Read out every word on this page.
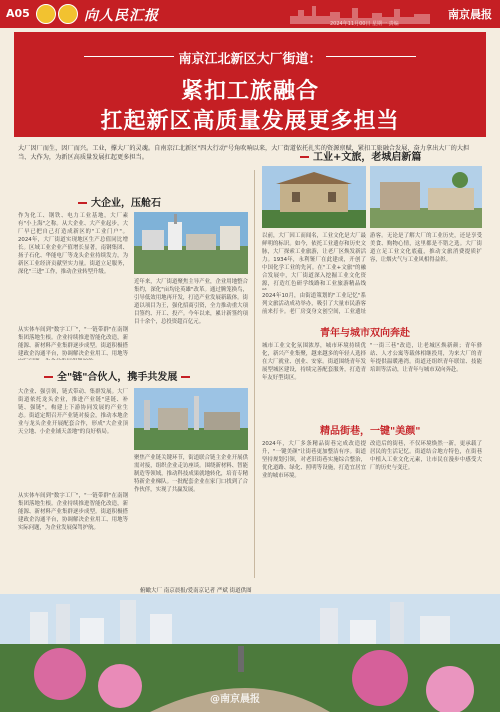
A05	向人民汇报	2024年11月00日 星期一 责编
南京晨报
南京江北新区大厂街道：
紧扣工旅融合
扛起新区高质量发展更多担当
大厂因厂而生，因厂而兴。工业，撑大厂的灵魂。自南京江北新区"四大行动"号角吹响以来，大厂街道依托扎实的资源禀赋，紧扣工旅融合发展，奋力拿出大厂的大担当、大作为，为新区高质量发展扛起更多担当。
大企业，压舱石
作为化工、钢铁、电力工业基地，大厂素有"小上海"之称。从大企业、大产业起步，大厂早已把自己打造成新区的"工业门户"。2024年，大厂街道实现地区生产总值同比增长。区域工业企业产值增长显著，南钢集团、扬子石化、华能电厂等龙头企业持续发力，为新区工业经济贡献坚实力量。街道立足服务，深化"三进"工作，推动企业转型升级。
近年来，大厂街道聚焦主导产业，企业用地整合集约，深化"亩均论英雄"改革。通过腾笼换鸟，引导低效用地再开发，打造产业发展新载体。街道以项目为王，强化招商引资，全力推动重大项目签约、开工、投产。今年以来，累计新签约项目十余个，总投资超百亿元。
从实体车间到"数字工厂"，"一链带群"在南钢集团落地生根。企业持续推进智能化改造，新能源、新材料产业集群逐步成型。街道积极搭建政企沟通平台，协调解决企业用工、用地等
全"链"合伙人，携手共发展
大企业、强引领，链式带动、集群发展。大厂街道依托龙头企业，推进产业链"延链、补链、强链"，构建上下游协同发展的产业生态。街道定期召开产业链对接会，推动本地企业与龙头企业开展配套合作，形成"大企业顶天立地、小企业铺天盖地"的良好格局。
聚焦产业链关键环节，街道联合链主企业开展供需对接，组织企业走访座谈。围绕新材料、智能制造等领域，推动科技成果就地转化，培育专精特新企业梯队。一批配套企业在家门口找到了合作伙伴，实现了共赢发展。
从实体车间到"数字工厂"，"一链带群"在南钢集团落地生根。企业持续推进智能化改造，新能源、新材料产业集群逐步成型。街道积极搭建政企沟通平台，协调解决企业用工、用地等实际问题，为企业发展保驾护航。
工业+文旅，老城启新篇
以前，大厂因工而闻名，工业文化是大厂最鲜明的标识。如今，依托工业遗存和历史文脉，大厂探索工业旅游，让老厂区焕发新活力。1934年，永利铔厂在此建成，开创了中国化学工业的先河。在"工业+文旅"的融合发展中，大厂街道深入挖掘工业文化资源，打造红色研学线路和工业旅游精品线
游客。无论是了解大厂的工业历史，还是享受美食、购物心情，这里都是不错之选。大厂街道立足工业文化底蕴，推动文旅消费提质扩容，让烟火气与工业风相得益彰。
2024年10月，由街道策划的"工业记忆"系列文旅活动成功举办，吸引了大量市民游客前来打卡。老厂房变身文创空间，工业遗址
青年与城市双向奔赴
城市工业文化氛围浓厚，城市环境持续优化，新兴产业集聚，越来越多的年轻人选择在大厂就业、创业、安家。街道围绕青年发展型城区建设，持续完善配套服务，打造青年友好型街区。
"一街三巷"改造，让老城区焕新颜；青年驿站、人才公寓等载体相继投用，为来大厂的青年提供温暖港湾。街道还组织青年联谊、技能培训等活动，让青年与城市双向奔赴。
精品街巷，一键"美颜"
2024年，大厂多条精品街巷完成改造提升，"一键美颜"让街巷更加整洁有序。街道坚持规划引领，对老旧街巷实施综合整治，优化道路、绿化、照明等设施，打造宜居宜业的城市环境。
改造后的街巷，不仅环境焕然一新，更承载了居民的生活记忆。街道结合地方特色，在街巷中植入工业文化元素，让市民在漫步中感受大厂的历史与变迁。
俯瞰大厂 南京晨报/爱南京记者 严斌 街道供图
@南京晨报
